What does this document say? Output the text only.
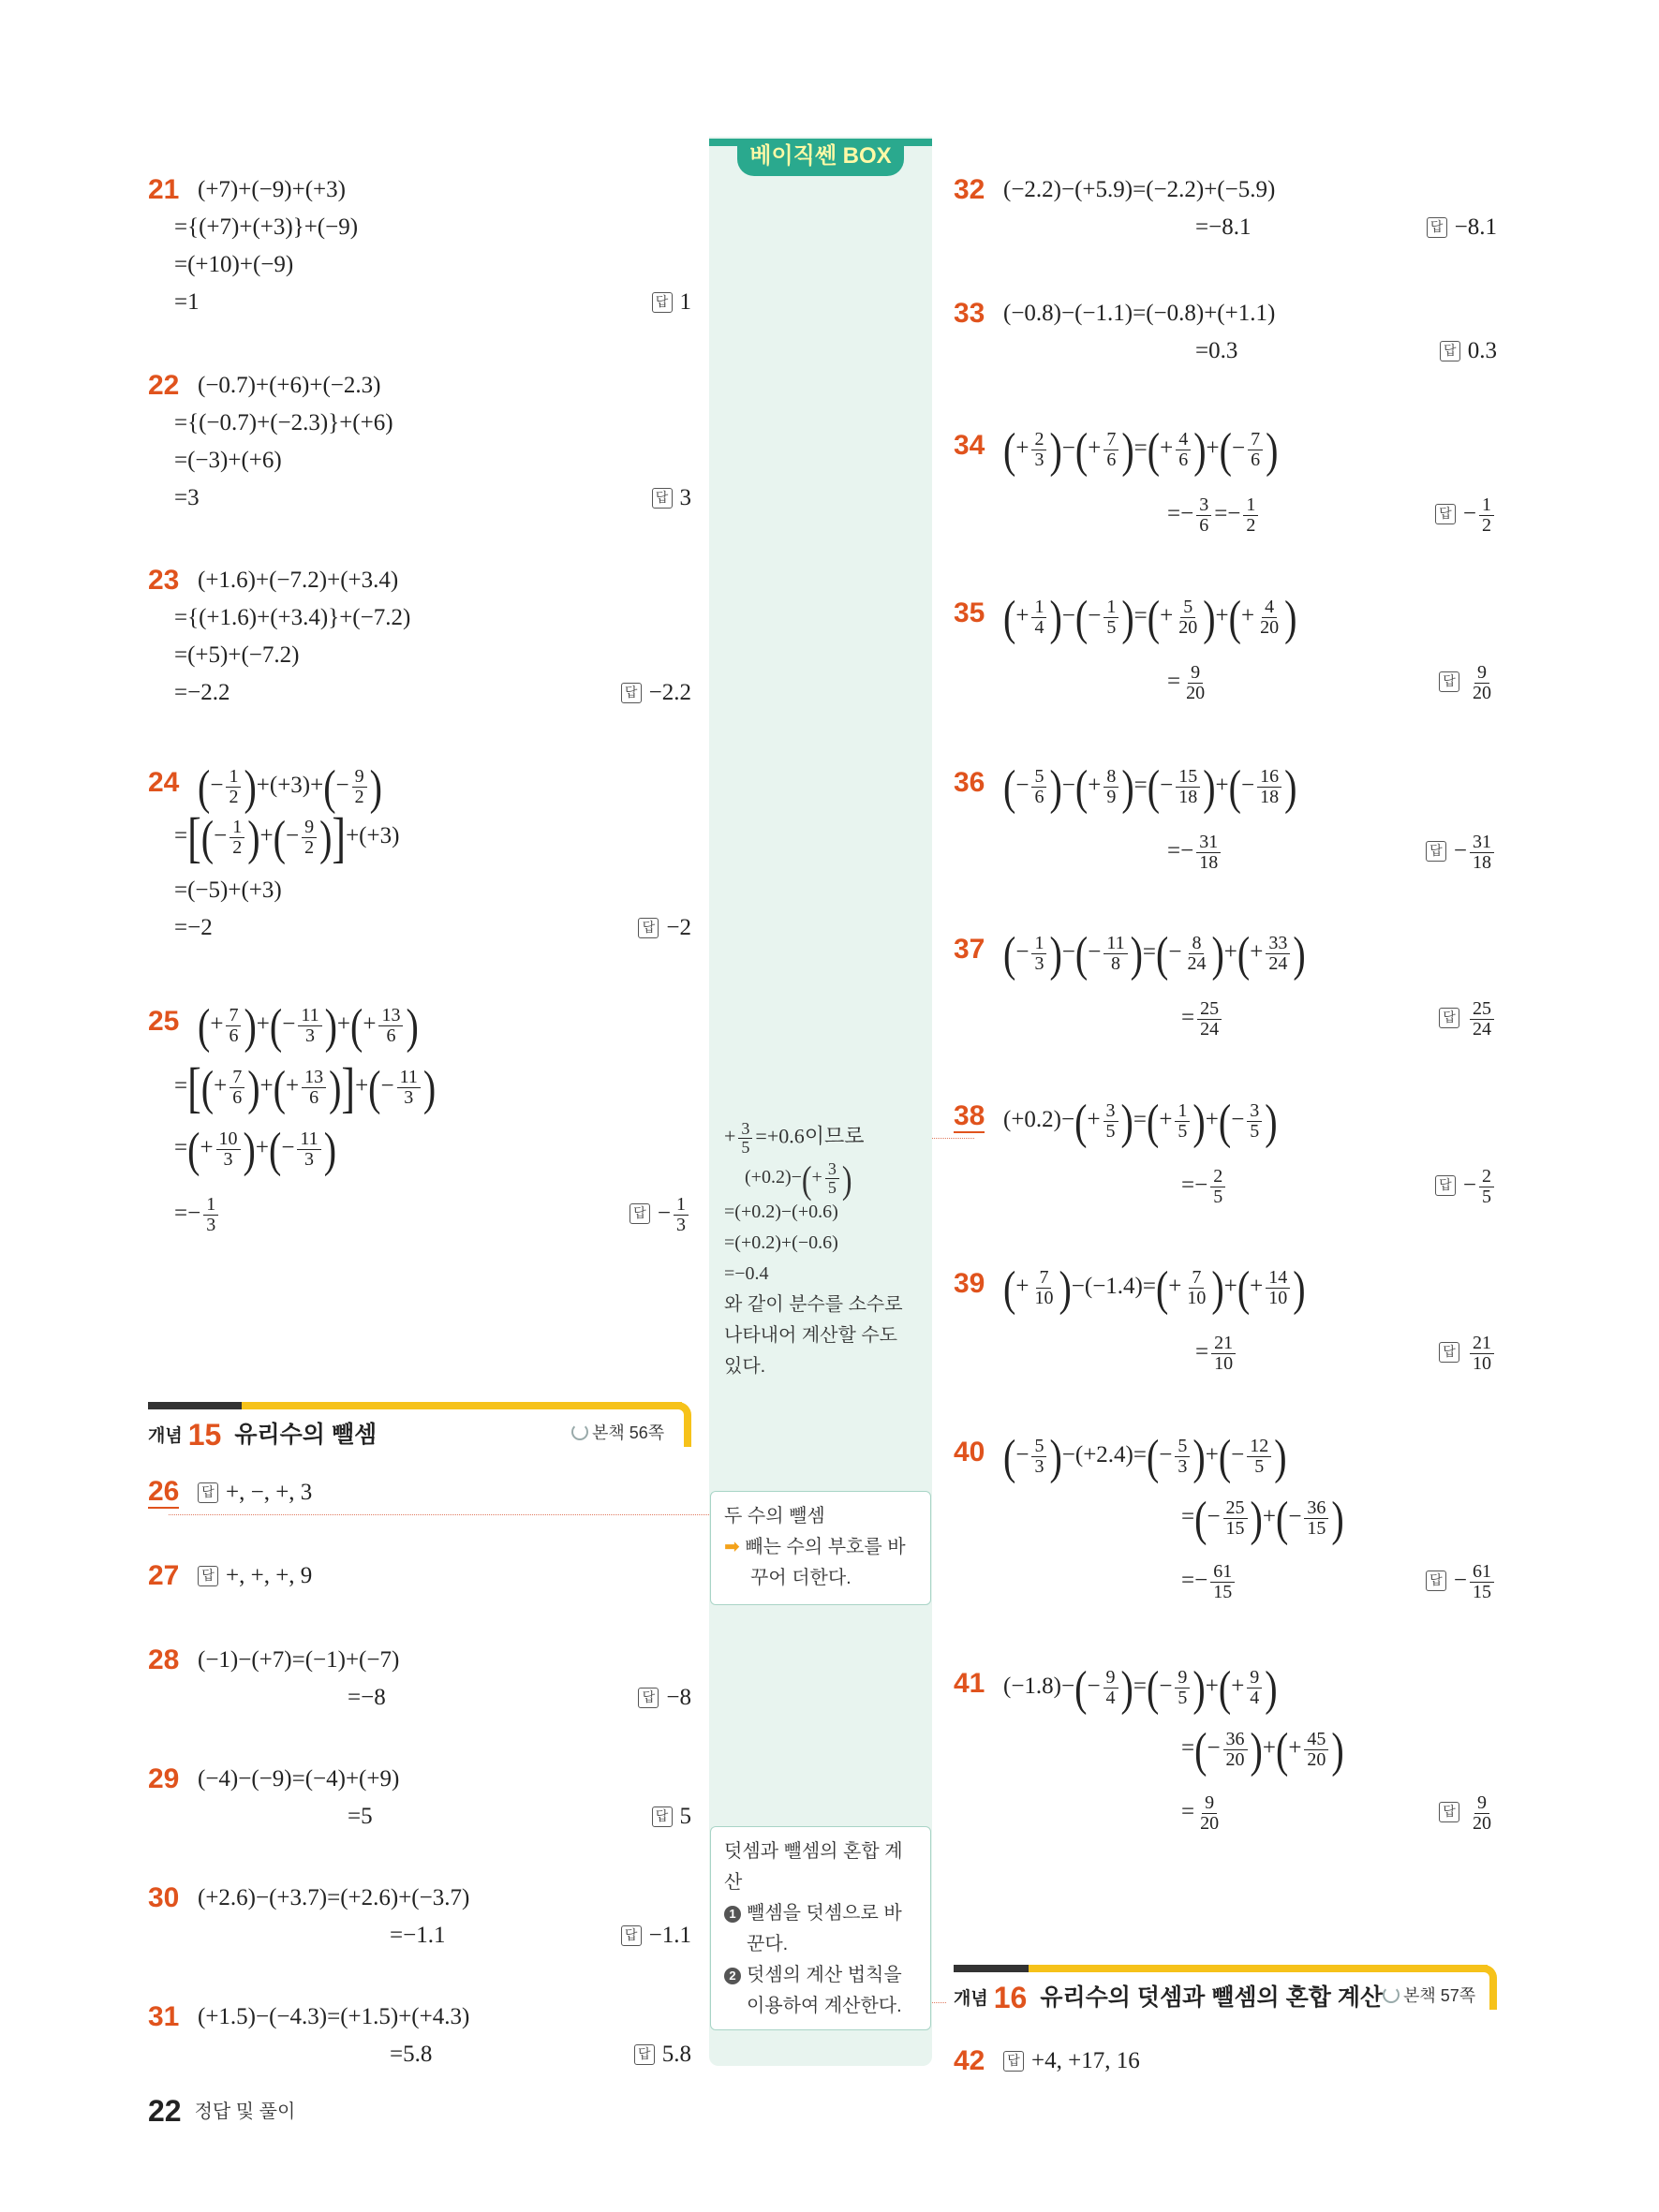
베이직쎈 BOX
21 (+7)+(−9)+(+3)
={(+7)+(+3)}+(−9)
=(+10)+(−9)
=1	답 1
22 (−0.7)+(+6)+(−2.3)
={(−0.7)+(−2.3)}+(+6)
=(−3)+(+6)
=3	답 3
23 (+1.6)+(−7.2)+(+3.4)
={(+1.6)+(+3.4)}+(−7.2)
=(+5)+(−7.2)
=−2.2	답 −2.2
24 (− $\frac{1}{2} )+(+3)+(- \frac{9}{2}$ )
=[(− $\frac{1}{2}$ )+(− $\frac{9}{2} )]+(+3)$
=(−5)+(+3)
=−2	답 −2
25 (+ $\frac{7}{6}$ )+(− $\frac{11}{3}$ )+(+ $\frac{13}{6}$ )
=[(+ $\frac{7}{6}$ )+(+ $\frac{13}{6}$ )]+(− $\frac{11}{3}$ )
=(+ $\frac{10}{3}$ )+(− $\frac{11}{3}$ )
=− $\frac{1}{3}$	답 − $\frac{1}{3}$
개념 15 유리수의 뺄셈	본책 56쪽
26	답 +, −, +, 3
27	답 +, +, +, 9
28 (−1)−(+7)=(−1)+(−7)
=−8	답 −8
29 (−4)−(−9)=(−4)+(+9)
=5	답 5
30 (+2.6)−(+3.7)=(+2.6)+(−3.7)
=−1.1	답 −1.1
31 (+1.5)−(−4.3)=(+1.5)+(+4.3)
=5.8	답 5.8
+ $\frac{3}{5} =+0.6$이므로
$(+0.2)-(+ \frac{3}{5}$ )
=(+0.2)−(+0.6)
=(+0.2)+(−0.6)
=−0.4
와 같이 분수를 소수로
나타내어 계산할 수도
있다.
두 수의 뺄셈
➡ 빼는 수의 부호를 바
꾸어 더한다.
덧셈과 뺄셈의 혼합 계
산
1 뺄셈을 덧셈으로 바
꾼다.
2 덧셈의 계산 법칙을
이용하여 계산한다.
32 (−2.2)−(+5.9)=(−2.2)+(−5.9)
=−8.1	답 −8.1
33 (−0.8)−(−1.1)=(−0.8)+(+1.1)
=0.3	답 0.3
34 (+ $\frac{2}{3}$ )−(+ $\frac{7}{6}$ )=(+ $\frac{4}{6}$ )+(− $\frac{7}{6}$ )
=− $\frac{3}{6} =- \frac{1}{2}$	답 − $\frac{1}{2}$
35 (+ $\frac{1}{4}$ )−(− $\frac{1}{5}$ )=(+ $\frac{5}{20}$ )+(+ $\frac{4}{20}$ )
= $\frac{9}{20}$	답 $\frac{9}{20}$
36 (− $\frac{5}{6}$ )−(+ $\frac{8}{9}$ )=(− $\frac{15}{18}$ )+(− $\frac{16}{18}$ )
=− $\frac{31}{18}$	답 − $\frac{31}{18}$
37 (− $\frac{1}{3}$ )−(− $\frac{11}{8}$ )=(− $\frac{8}{24}$ )+(+ $\frac{33}{24}$ )
= $\frac{25}{24}$	답 $\frac{25}{24}$
38 $(+0.2)-(+ \frac{3}{5}$ )=(+ $\frac{1}{5}$ )+(− $\frac{3}{5}$ )
=− $\frac{2}{5}$	답 − $\frac{2}{5}$
39 (+ $\frac{7}{10} )-(-1.4)=(+ \frac{7}{10}$ )+(+ $\frac{14}{10}$ )
= $\frac{21}{10}$	답 $\frac{21}{10}$
40 (− $\frac{5}{3} )-(+2.4)=(- \frac{5}{3}$ )+(− $\frac{12}{5}$ )
=(− $\frac{25}{15}$ )+(− $\frac{36}{15}$ )
=− $\frac{61}{15}$	답 − $\frac{61}{15}$
41 $(-1.8)-(- \frac{9}{4}$ )=(− $\frac{9}{5}$ )+(+ $\frac{9}{4}$ )
=(− $\frac{36}{20}$ )+(+ $\frac{45}{20}$ )
= $\frac{9}{20}$	답 $\frac{9}{20}$
개념 16 유리수의 덧셈과 뺄셈의 혼합 계산	본책 57쪽
42	답 +4, +17, 16
22 정답 및 풀이
